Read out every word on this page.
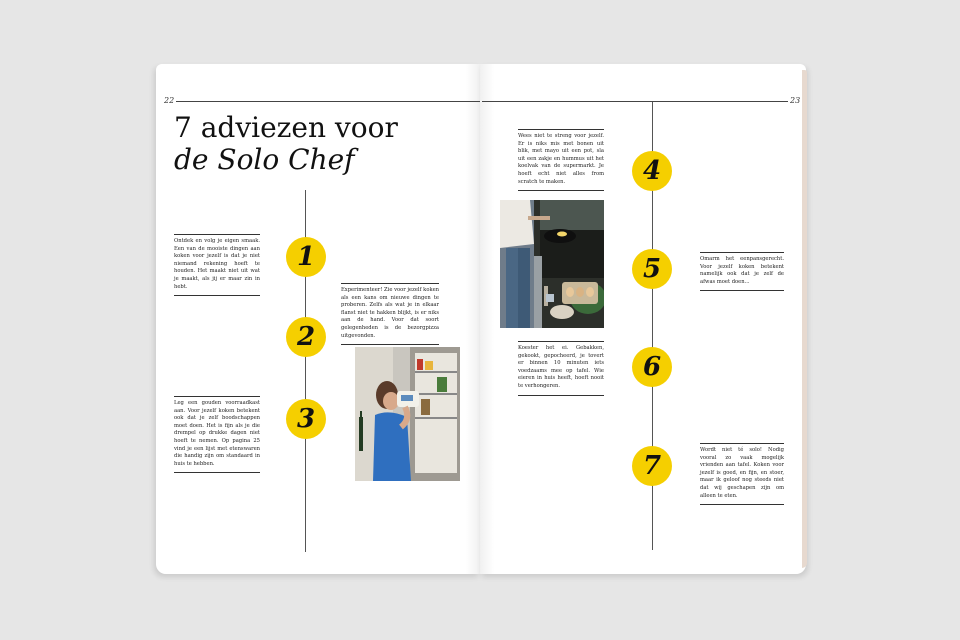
22	23
7 adviezen voor
de Solo Chef
1
2
3
4
5
6
7

Ontdek en volg je eigen smaak. Een van de mooiste dingen aan koken voor jezelf is dat je niet niemand rekening hoeft te houden. Het maakt niet uit wat je maakt, als jij er maar zin in hebt.

Experimenteer! Zie voor jezelf koken als een kans om nieuwe dingen te proberen. Zelfs als wat je in elkaar flanst niet te hakken blijkt, is er niks aan de hand. Voor dat soort gelegenheden is de bezorgpizza uitgevonden.

Leg een gouden voorraadkast aan. Voor jezelf koken betekent ook dat je zelf boodschappen moet doen. Het is fijn als je die drempel op drukke dagen niet hoeft te nemen. Op pagina 25 vind je een lijst met etenswaren die handig zijn om standaard in huis te hebben.

Wees niet te streng voor jezelf. Er is niks mis met bonen uit blik, met mayo uit een pot, sla uit een zakje en hummus uit het koelvak van de supermarkt. Je hoeft echt niet alles from scratch te maken.

Omarm het eenpansgerecht. Voor jezelf koken betekent namelijk ook dat je zelf de afwas moet doen...

Koester het ei. Gebakken, gekookt, gepocheerd, je tovert er binnen 10 minuten iets voedzaams mee op tafel. Wie eieren in huis heeft, hoeft nooit te verhongeren.

Wordt niet té solo! Nodig vooral zo vaak mogelijk vrienden aan tafel. Koken voor jezelf is goed, en fijn, en stoer, maar ik geloof nog steeds niet dat wij geschapen zijn om alleen te eten.
